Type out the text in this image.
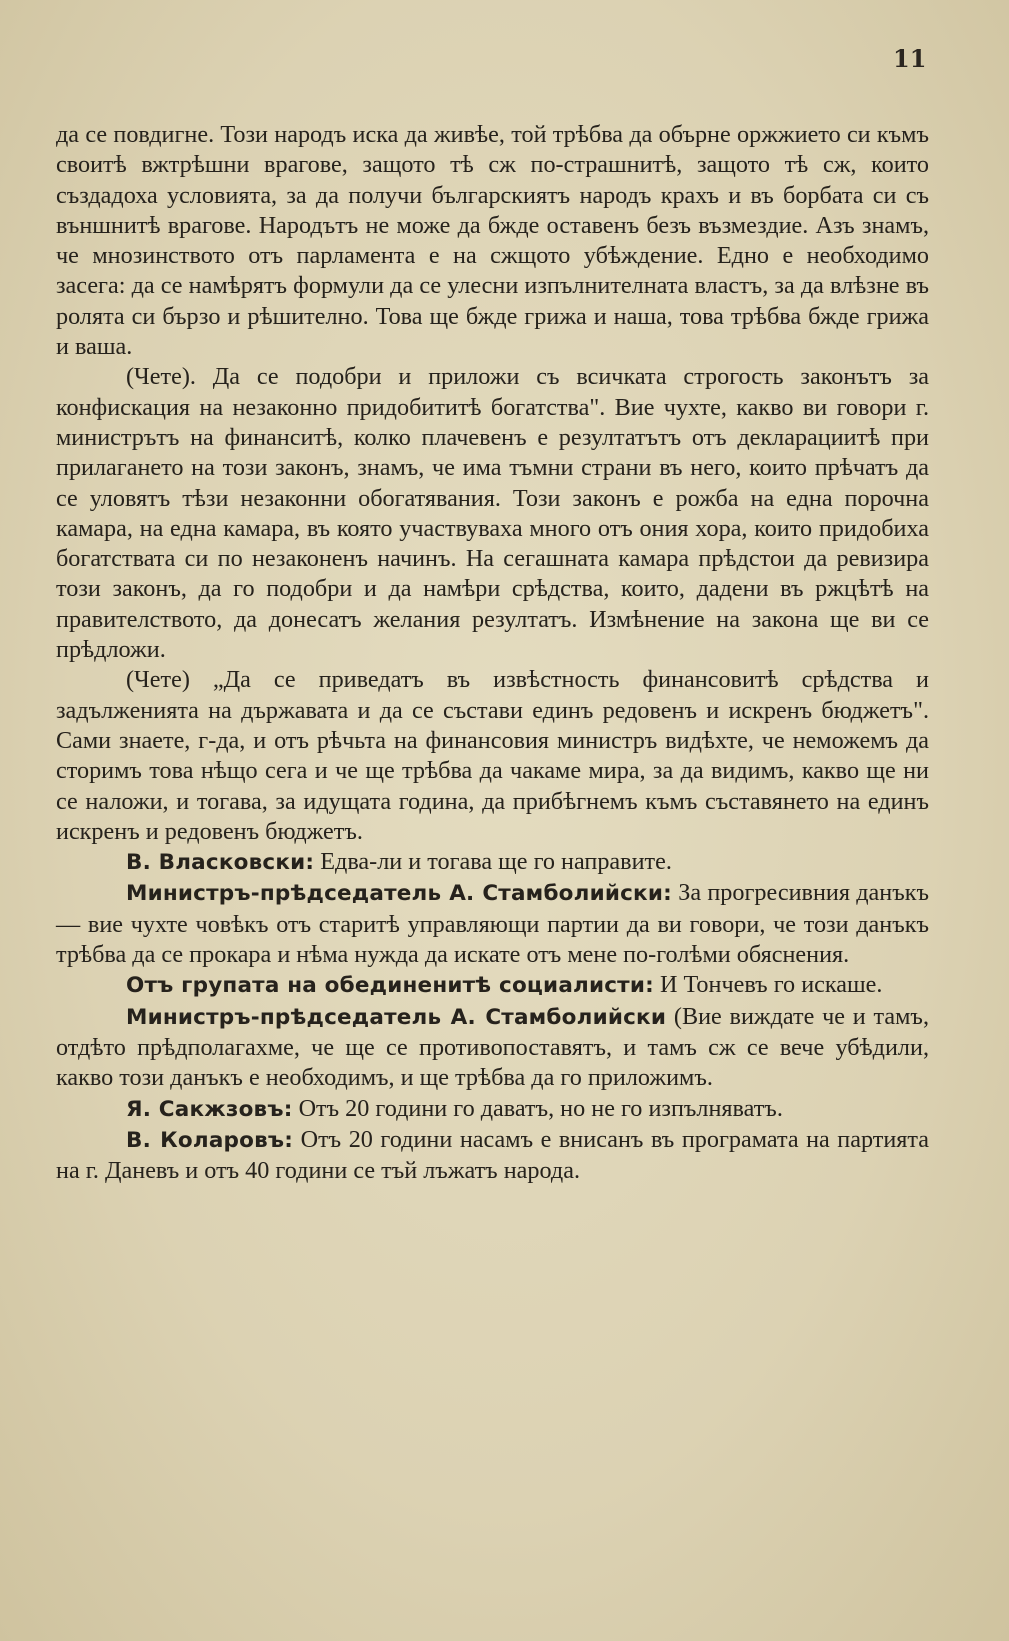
11

да се повдигне. Този народъ иска да живѣе, той трѣбва да обърне оржжието си къмъ своитѣ вжтрѣшни врагове, защото тѣ сж по-страшнитѣ, защото тѣ сж, които създадоха условията, за да получи българскиятъ народъ крахъ и въ борбата си съ външнитѣ врагове. Народътъ не може да бжде оставенъ безъ възмездие. Азъ знамъ, че мнозинството отъ парламента е на сжщото убѣждение. Едно е необходимо засега: да се намѣрятъ формули да се улесни изпълнителната властъ, за да влѣзне въ ролята си бързо и рѣшително. Това ще бжде грижа и наша, това трѣбва бжде грижа и ваша.

(Чете). Да се подобри и приложи съ всичката строгость законътъ за конфискация на незаконно придобититѣ богатства". Вие чухте, какво ви говори г. министрътъ на финанситѣ, колко плачевенъ е резултатътъ отъ декларациитѣ при прилагането на този законъ, знамъ, че има тъмни страни въ него, които прѣчатъ да се уловятъ тѣзи незаконни обогатявания. Този законъ е рожба на една порочна камара, на една камара, въ която участвуваха много отъ ония хора, които придобиха богатствата си по незаконенъ начинъ. На сегашната камара прѣдстои да ревизира този законъ, да го подобри и да намѣри срѣдства, които, дадени въ ржцѣтѣ на правителството, да донесатъ желания резултатъ. Измѣнение на закона ще ви се прѣдложи.

(Чете) „Да се приведатъ въ извѣстность финансовитѣ срѣдства и задълженията на държавата и да се състави единъ редовенъ и искренъ бюджетъ". Сами знаете, г-да, и отъ рѣчьта на финансовия министръ видѣхте, че неможемъ да сторимъ това нѣщо сега и че ще трѣбва да чакаме мира, за да видимъ, какво ще ни се наложи, и тогава, за идущата година, да прибѣгнемъ къмъ съставянето на единъ искренъ и редовенъ бюджетъ.

В. Власковски: Едва-ли и тогава ще го направите.

Министръ-прѣдседатель А. Стамболийски: За прогресивния данъкъ — вие чухте човѣкъ отъ старитѣ управляющи партии да ви говори, че този данъкъ трѣбва да се прокара и нѣма нужда да искате отъ мене по-голѣми обяснения.

Отъ групата на обединенитѣ социалисти: И Тончевъ го искаше.

Министръ-прѣдседатель А. Стамболийски (Вие виждате че и тамъ, отдѣто прѣдполагахме, че ще се противопоставятъ, и тамъ сж се вече убѣдили, какво този данъкъ е необходимъ, и ще трѣбва да го приложимъ.

Я. Сакжзовъ: Отъ 20 години го даватъ, но не го изпълняватъ.

В. Коларовъ: Отъ 20 години насамъ е внисанъ въ програмата на партията на г. Даневъ и отъ 40 години се тъй лъжатъ народа.
